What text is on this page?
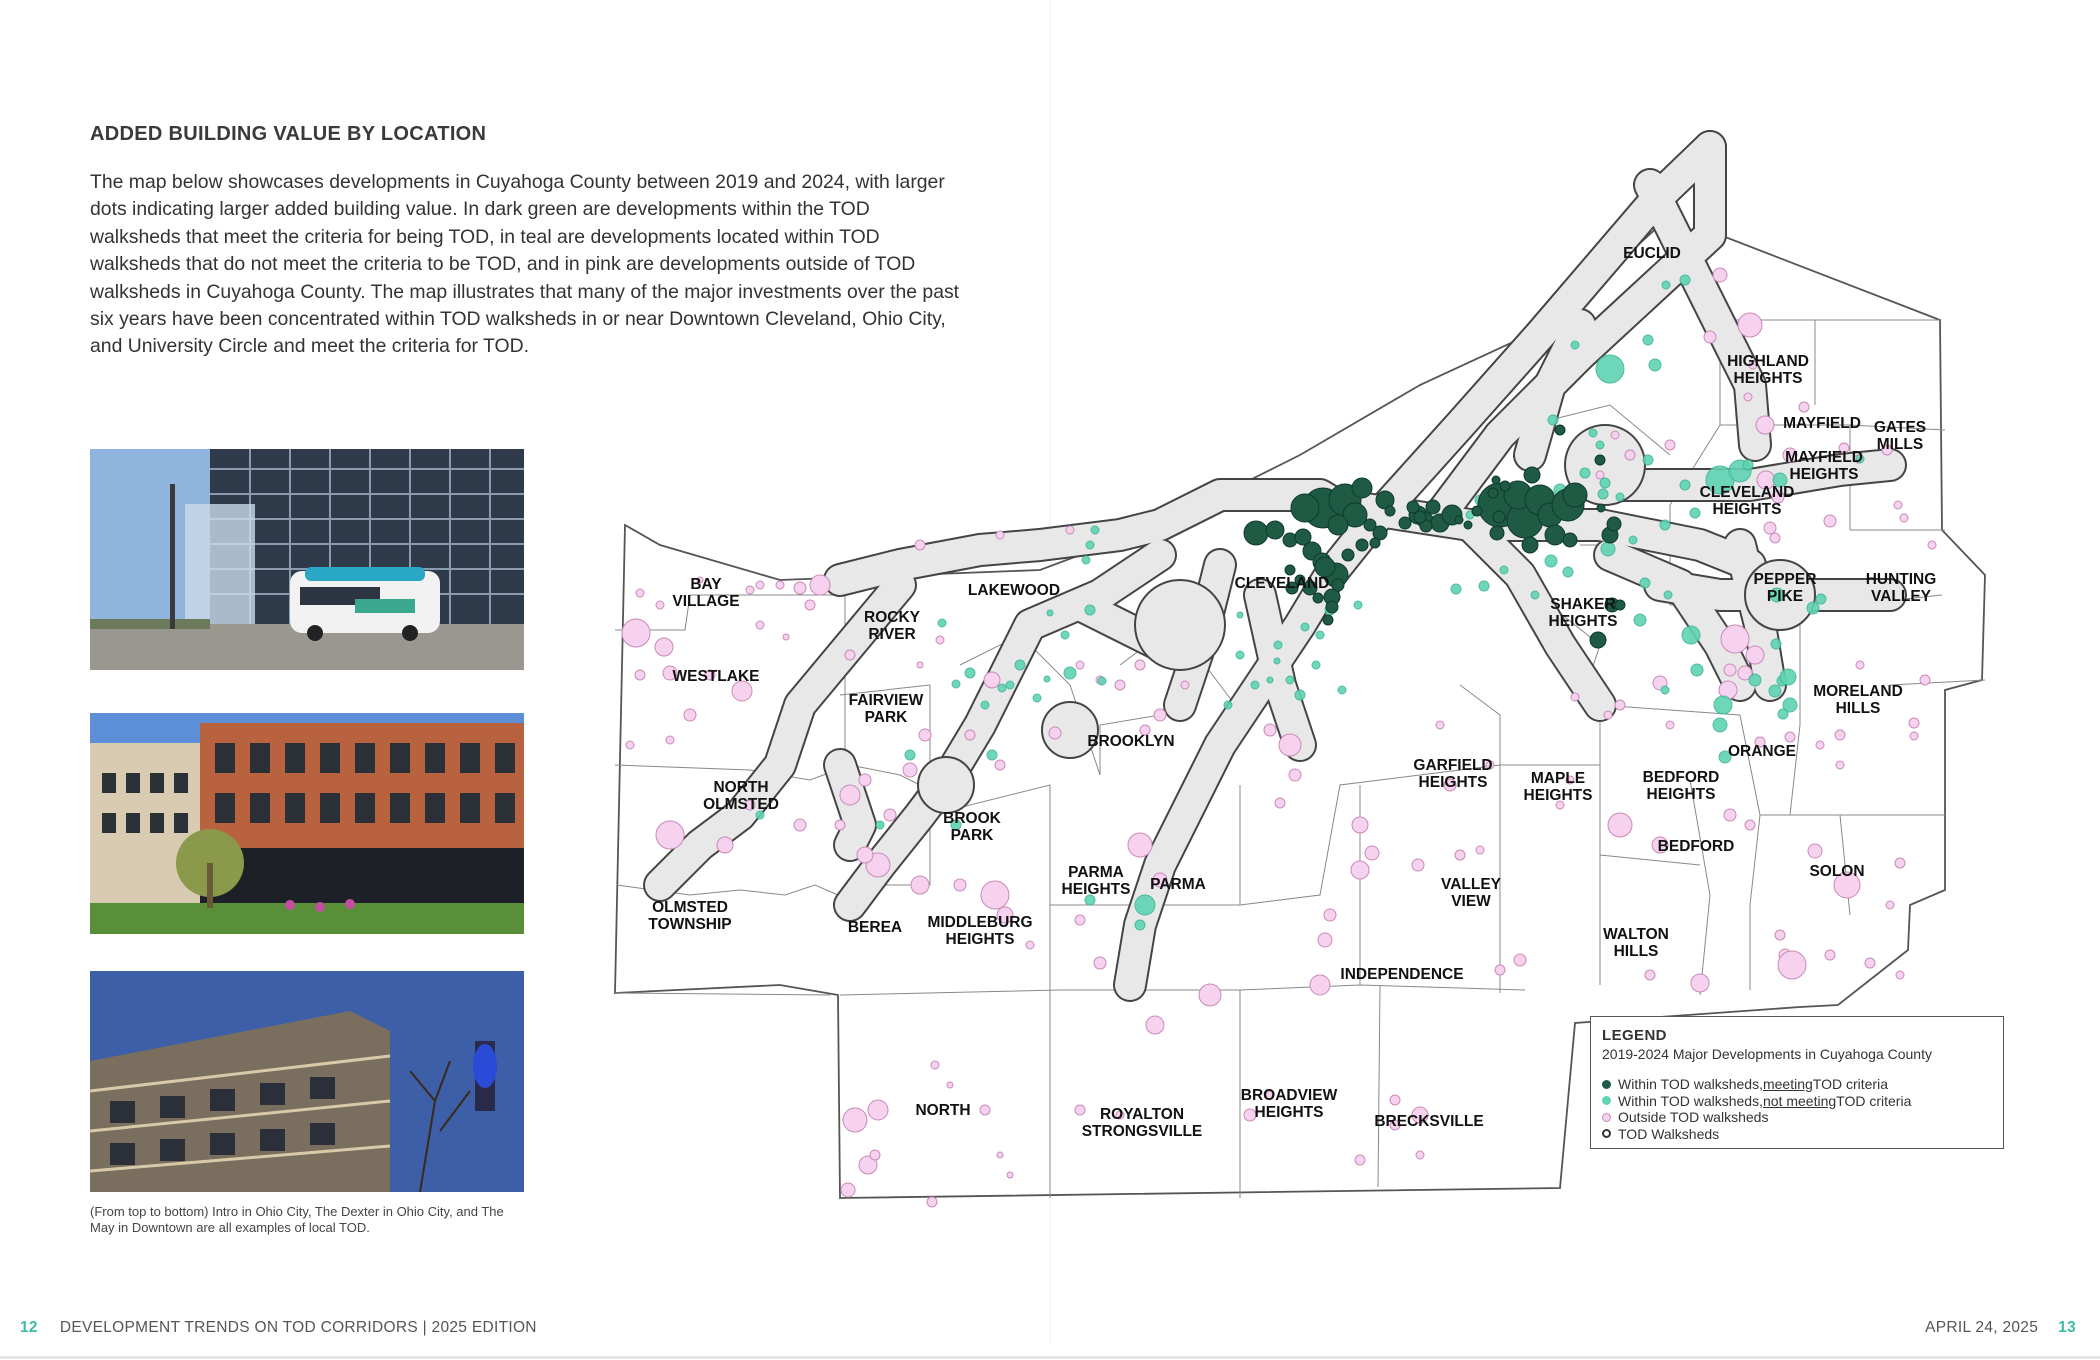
ADDED BUILDING VALUE BY LOCATION

The map below showcases developments in Cuyahoga County between 2019 and 2024, with larger dots indicating larger added building value. In dark green are developments within the TOD walksheds that meet the criteria for being TOD, in teal are developments located within TOD walksheds that do not meet the criteria to be TOD, and in pink are developments outside of TOD walksheds in Cuyahoga County. The map illustrates that many of the major investments over the past six years have been concentrated within TOD walksheds in or near Downtown Cleveland, Ohio City, and University Circle and meet the criteria for TOD.

(From top to bottom) Intro in Ohio City, The Dexter in Ohio City, and The May in Downtown are all examples of local TOD.

EUCLID
HIGHLAND
HEIGHTS
MAYFIELD GATES
MILLS
MAYFIELD
HEIGHTS
CLEVELAND
HEIGHTS
BAY
VILLAGE
LAKEWOOD	CLEVELAND	PEPPER
PIKE
HUNTING
VALLEY
ROCKY
RIVER
SHAKER
HEIGHTS
WESTLAKE
FAIRVIEW
PARK
MORELAND
HILLS
BROOKLYN
ORANGE
GARFIELD
HEIGHTS	MAPLE
HEIGHTS
BEDFORD
HEIGHTS
NORTH
OLMSTED
BROOK
PARK
BEDFORD
SOLON
PARMA
HEIGHTS PARMA	VALLEY
VIEW
OLMSTED
TOWNSHIP	BEREA MIDDLEBURG
HEIGHTS	WALTON
HILLS
INDEPENDENCE
BROADVIEW
HEIGHTS
NORTH	ROYALTON
STRONGSVILLE
BRECKSVILLE
LEGEND
2019-2024 Major Developments in Cuyahoga County
Within TOD walksheds, meeting TOD criteria
Within TOD walksheds, not meeting TOD criteria
Outside TOD walksheds
TOD Walksheds
12 DEVELOPMENT TRENDS ON TOD CORRIDORS | 2025 EDITION	APRIL 24, 2025 13
